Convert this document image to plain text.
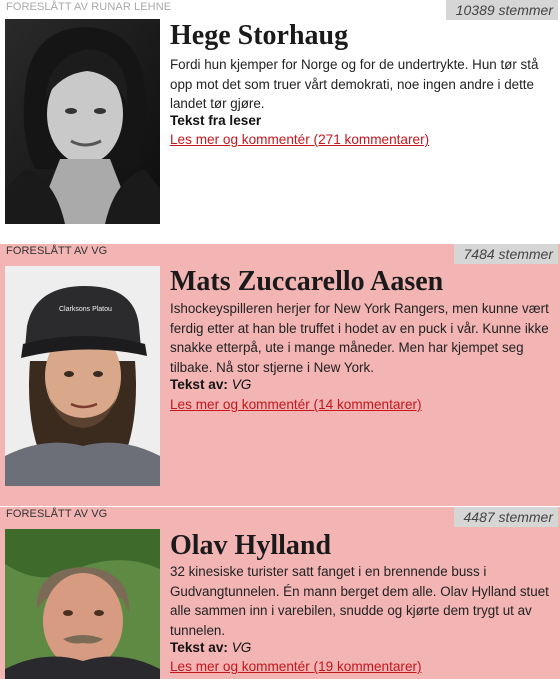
FORESLÅTT AV RUNAR LEHNE	10389 stemmer
Hege Storhaug
Fordi hun kjemper for Norge og for de undertrykte. Hun tør stå opp mot det som truer vårt demokrati, noe ingen andre i dette landet tør gjøre.
Tekst fra leser
Les mer og kommentér (271 kommentarer)
FORESLÅTT AV VG	7484 stemmer
Clarksons Platou
Mats Zuccarello Aasen
Ishockeyspilleren herjer for New York Rangers, men kunne vært ferdig etter at han ble truffet i hodet av en puck i vår. Kunne ikke snakke etterpå, ute i mange måneder. Men har kjempet seg tilbake. Nå stor stjerne i New York.
Tekst av: VG
Les mer og kommentér (14 kommentarer)
FORESLÅTT AV VG	4487 stemmer
Olav Hylland
32 kinesiske turister satt fanget i en brennende buss i Gudvangtunnelen. Én mann berget dem alle. Olav Hylland stuet alle sammen inn i varebilen, snudde og kjørte dem trygt ut av tunnelen.
Tekst av: VG
Les mer og kommentér (19 kommentarer)
